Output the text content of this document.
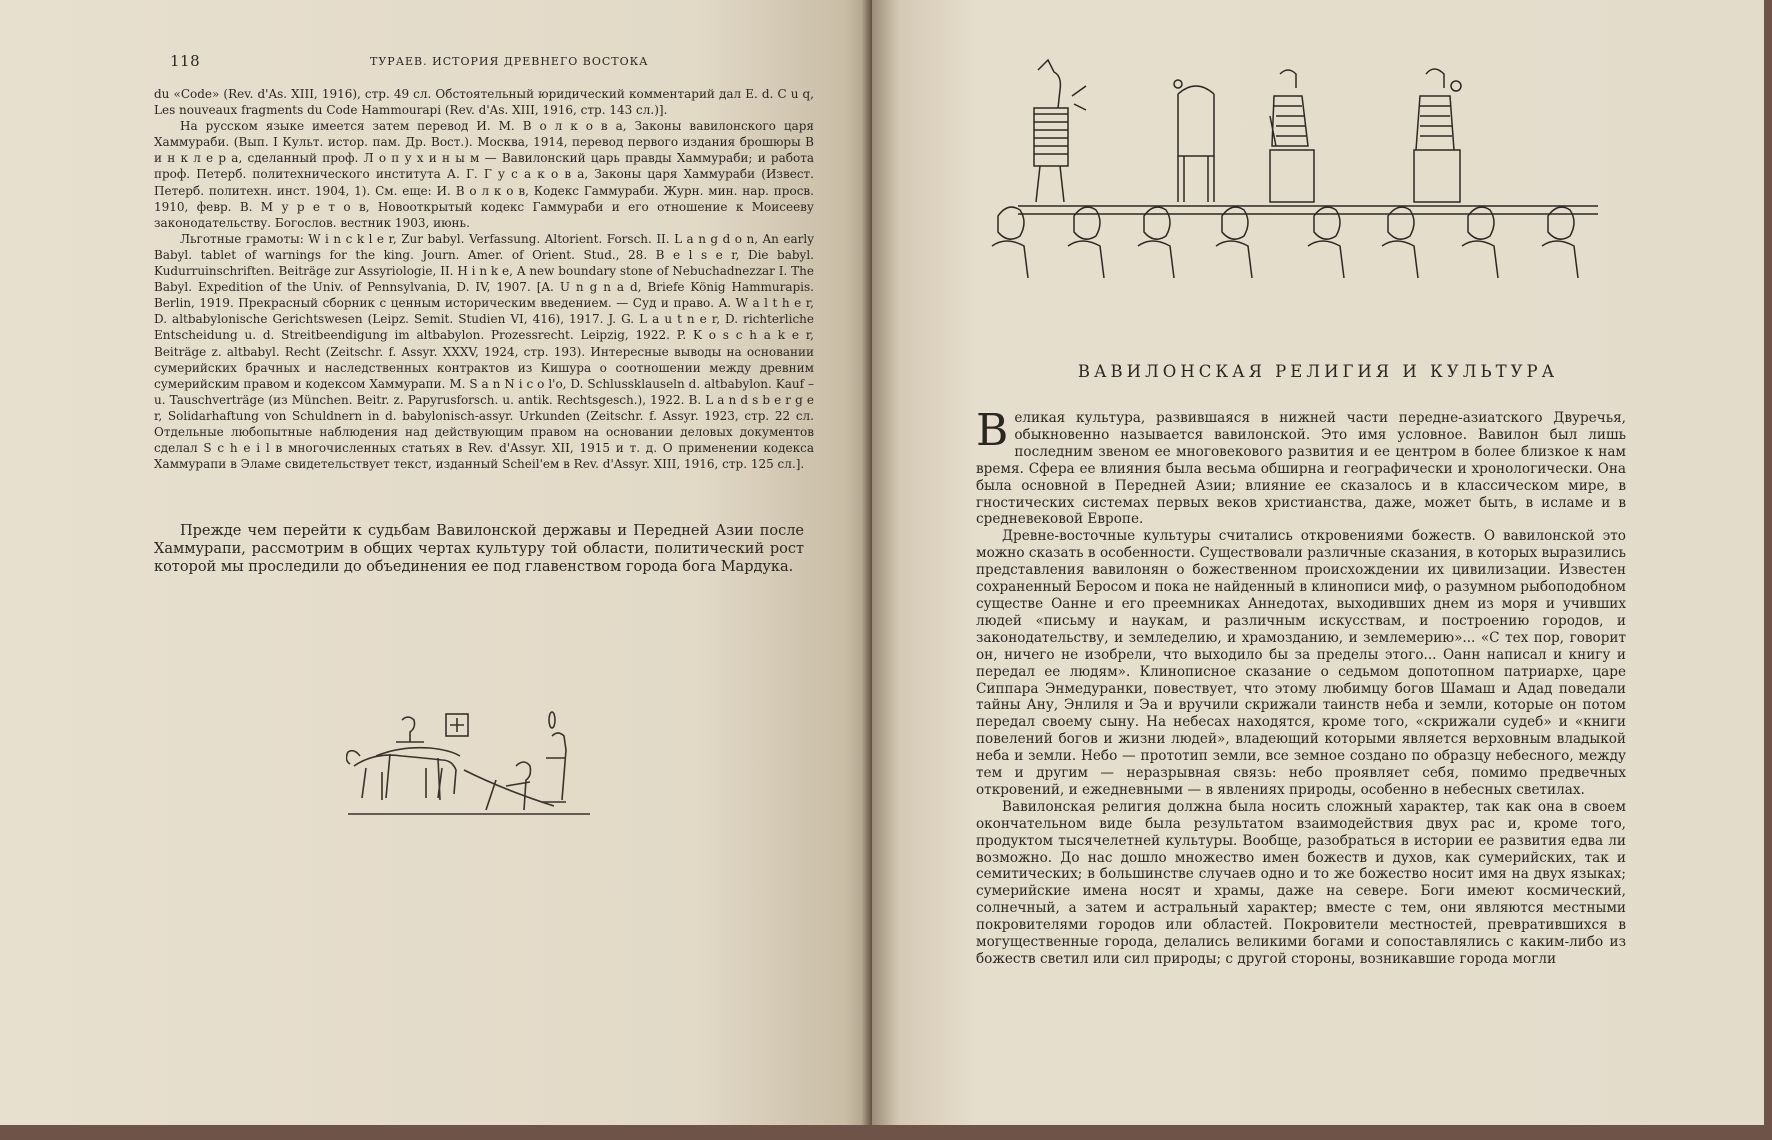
118	ТУРАЕВ. ИСТОРИЯ ДРЕВНЕГО ВОСТОКА

du «Code» (Rev. d'As. XIII, 1916), стр. 49 сл. Обстоятельный юридический комментарий дал E. d. C u q, Les nouveaux fragments du Code Hammourapi (Rev. d'As. XIII, 1916, стр. 143 сл.)].

На русском языке имеется затем перевод И. М. В о л к о в а, Законы вавилонского царя Хаммураби. (Вып. I Культ. истор. пам. Др. Вост.). Москва, 1914, перевод первого издания брошюры В и н к л е р а, сделанный проф. Л о п у х и н ы м — Вавилонский царь правды Хаммураби; и работа проф. Петерб. политехнического института А. Г. Г у с а к о в а, Законы царя Хаммураби (Извест. Петерб. политехн. инст. 1904, 1). См. еще: И. В о л к о в, Кодекс Гаммураби. Журн. мин. нар. просв. 1910, февр. В. М у р е т о в, Новооткрытый кодекс Гаммураби и его отношение к Моисееву законодательству. Богослов. вестник 1903, июнь.

Льготные грамоты: W i n c k l e r, Zur babyl. Verfassung. Altorient. Forsch. II. L a n g d o n, An early Babyl. tablet of warnings for the king. Journ. Amer. of Orient. Stud., 28. B e l s e r, Die babyl. Kudurruinschriften. Beiträge zur Assyriologie, II. H i n k e, A new boundary stone of Nebuchadnezzar I. The Babyl. Expedition of the Univ. of Pennsylvania, D. IV, 1907. [A. U n g n a d, Briefe König Hammurapis. Berlin, 1919. Прекрасный сборник с ценным историческим введением. — Суд и право. A. W a l t h e r, D. altbabylonische Gerichtswesen (Leipz. Semit. Studien VI, 416), 1917. J. G. L a u t n e r, D. richterliche Entscheidung u. d. Streitbeendigung im altbabylon. Prozessrecht. Leipzig, 1922. P. K o s c h a k e r, Beiträge z. altbabyl. Recht (Zeitschr. f. Assyr. XXXV, 1924, стр. 193). Интересные выводы на основании сумерийских брачных и наследственных контрактов из Кишура о соотношении между древним сумерийским правом и кодексом Хаммурапи. M. S a n N i c o l'o, D. Schlussklauseln d. altbabylon. Kauf – u. Tauschverträge (из München. Beitr. z. Papyrusforsch. u. antik. Rechtsgesch.), 1922. B. L a n d s b e r g e r, Solidarhaftung von Schuldnern in d. babylonisch-assyr. Urkunden (Zeitschr. f. Assyr. 1923, стр. 22 сл. Отдельные любопытные наблюдения над действующим правом на основании деловых документов сделал S c h e i l в многочисленных статьях в Rev. d'Assyr. XII, 1915 и т. д. О применении кодекса Хаммурапи в Эламе свидетельствует текст, изданный Scheil'ем в Rev. d'Assyr. XIII, 1916, стр. 125 сл.].

Прежде чем перейти к судьбам Вавилонской державы и Передней Азии после Хаммурапи, рассмотрим в общих чертах культуру той области, политический рост которой мы проследили до объединения ее под главенством города бога Мардука.

ВАВИЛОНСКАЯ РЕЛИГИЯ И КУЛЬТУРА

Великая культура, развившаяся в нижней части передне-азиатского Двуречья, обыкновенно называется вавилонской. Это имя условное. Вавилон был лишь последним звеном ее многовекового развития и ее центром в более близкое к нам время. Сфера ее влияния была весьма обширна и географически и хронологически. Она была основной в Передней Азии; влияние ее сказалось и в классическом мире, в гностических системах первых веков христианства, даже, может быть, в исламе и в средневековой Европе.

Древне-восточные культуры считались откровениями божеств. О вавилонской это можно сказать в особенности. Существовали различные сказания, в которых выразились представления вавилонян о божественном происхождении их цивилизации. Известен сохраненный Беросом и пока не найденный в клинописи миф, о разумном рыбоподобном существе Оанне и его преемниках Аннедотах, выходивших днем из моря и учивших людей «письму и наукам, и различным искусствам, и построению городов, и законодательству, и земледелию, и храмозданию, и землемерию»... «С тех пор, говорит он, ничего не изобрели, что выходило бы за пределы этого... Оанн написал и книгу и передал ее людям». Клинописное сказание о седьмом допотопном патриархе, царе Сиппара Энмедуранки, повествует, что этому любимцу богов Шамаш и Адад поведали тайны Ану, Энлиля и Эа и вручили скрижали таинств неба и земли, которые он потом передал своему сыну. На небесах находятся, кроме того, «скрижали судеб» и «книги повелений богов и жизни людей», владеющий которыми является верховным владыкой неба и земли. Небо — прототип земли, все земное создано по образцу небесного, между тем и другим — неразрывная связь: небо проявляет себя, помимо предвечных откровений, и ежедневными — в явлениях природы, особенно в небесных светилах.

Вавилонская религия должна была носить сложный характер, так как она в своем окончательном виде была результатом взаимодействия двух рас и, кроме того, продуктом тысячелетней культуры. Вообще, разобраться в истории ее развития едва ли возможно. До нас дошло множество имен божеств и духов, как сумерийских, так и семитических; в большинстве случаев одно и то же божество носит имя на двух языках; сумерийские имена носят и храмы, даже на севере. Боги имеют космический, солнечный, а затем и астральный характер; вместе с тем, они являются местными покровителями городов или областей. Покровители местностей, превратившихся в могущественные города, делались великими богами и сопоставлялись с каким-либо из божеств светил или сил природы; с другой стороны, возникавшие города могли
